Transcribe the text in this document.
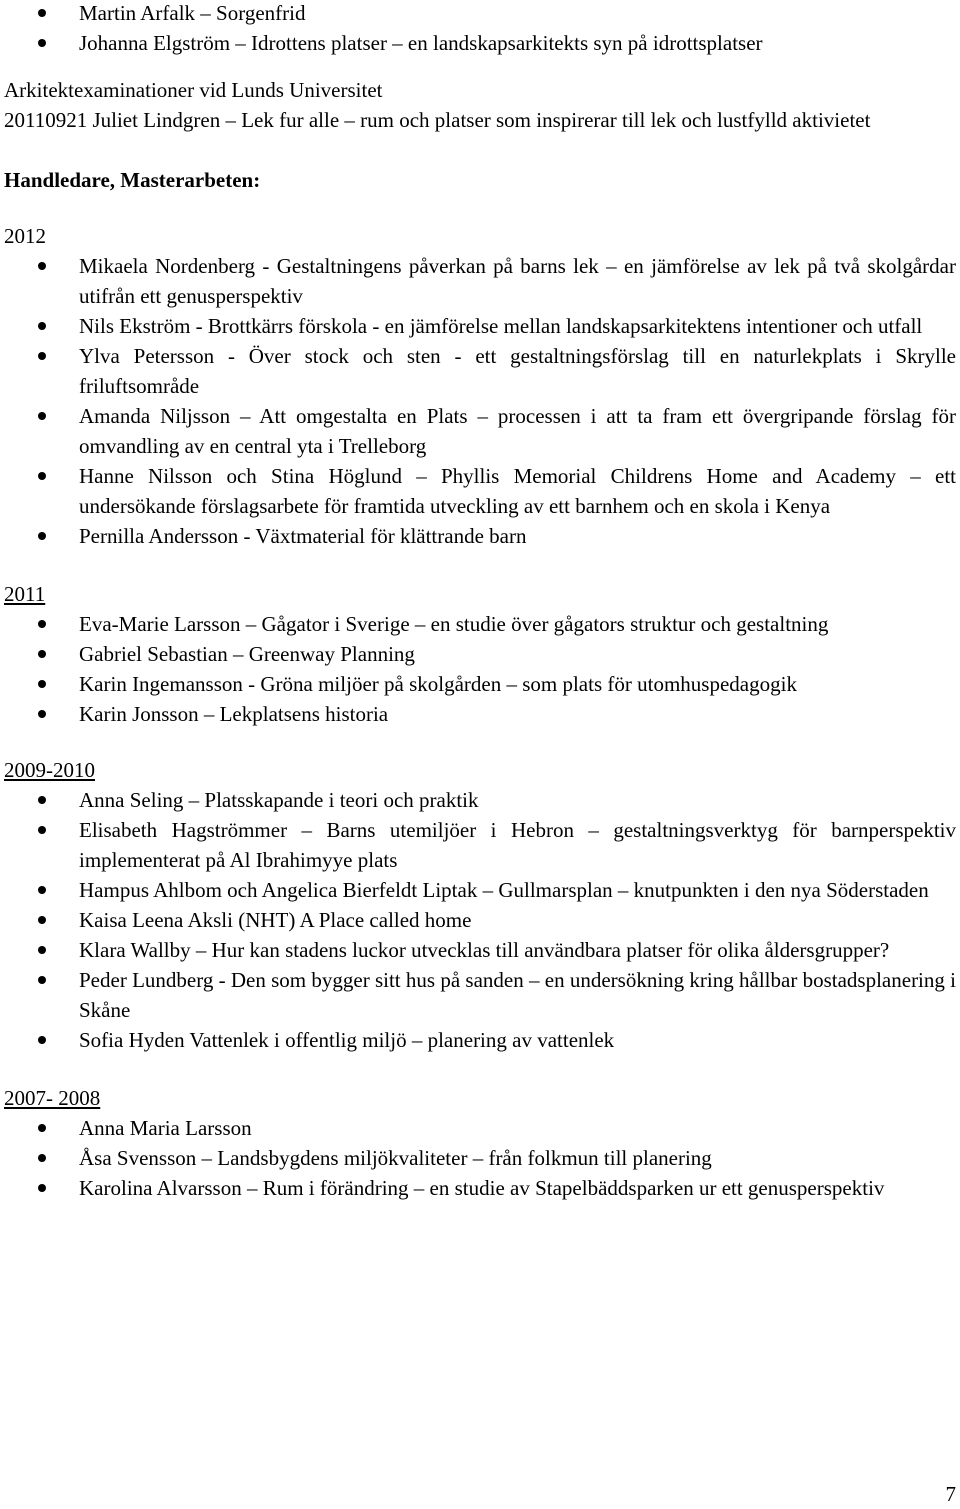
Martin Arfalk – Sorgenfrid
Johanna Elgström – Idrottens platser – en landskapsarkitekts syn på idrottsplatser

Arkitektexaminationer vid Lunds Universitet

20110921 Juliet Lindgren – Lek fur alle – rum och platser som inspirerar till lek och lustfylld aktivietet

Handledare, Masterarbeten:

2012

Mikaela Nordenberg - Gestaltningens påverkan på barns lek – en jämförelse av lek på två skolgårdar utifrån ett genusperspektiv
Nils Ekström - Brottkärrs förskola - en jämförelse mellan landskapsarkitektens intentioner och utfall
Ylva Petersson - Över stock och sten - ett gestaltningsförslag till en naturlekplats i Skrylle friluftsområde
Amanda Niljsson – Att omgestalta en Plats – processen i att ta fram ett övergripande förslag för omvandling av en central yta i Trelleborg
Hanne Nilsson och Stina Höglund – Phyllis Memorial Childrens Home and Academy – ett undersökande förslagsarbete för framtida utveckling av ett barnhem och en skola i Kenya
Pernilla Andersson - Växtmaterial för klättrande barn

2011

Eva-Marie Larsson – Gågator i Sverige – en studie över gågators struktur och gestaltning
Gabriel Sebastian – Greenway Planning
Karin Ingemansson - Gröna miljöer på skolgården – som plats för utomhuspedagogik
Karin Jonsson – Lekplatsens historia

2009-2010

Anna Seling – Platsskapande i teori och praktik
Elisabeth Hagströmmer – Barns utemiljöer i Hebron – gestaltningsverktyg för barnperspektiv implementerat på Al Ibrahimyye plats
Hampus Ahlbom och Angelica Bierfeldt Liptak – Gullmarsplan – knutpunkten i den nya Söderstaden
Kaisa Leena Aksli (NHT) A Place called home
Klara Wallby – Hur kan stadens luckor utvecklas till användbara platser för olika åldersgrupper?
Peder Lundberg - Den som bygger sitt hus på sanden – en undersökning kring hållbar bostadsplanering i Skåne
Sofia Hyden Vattenlek i offentlig miljö – planering av vattenlek

2007- 2008

Anna Maria Larsson
Åsa Svensson – Landsbygdens miljökvaliteter – från folkmun till planering
Karolina Alvarsson – Rum i förändring – en studie av Stapelbäddsparken ur ett genusperspektiv
7
